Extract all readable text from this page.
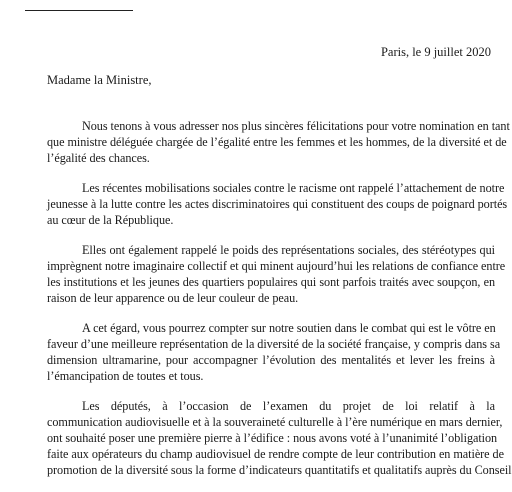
Paris, le 9 juillet 2020
Madame la Ministre,

Nous tenons à vous adresser nos plus sincères félicitations pour votre nomination en tant
que ministre déléguée chargée de l’égalité entre les femmes et les hommes, de la diversité et de
l’égalité des chances.

Les récentes mobilisations sociales contre le racisme ont rappelé l’attachement de notre
jeunesse à la lutte contre les actes discriminatoires qui constituent des coups de poignard portés
au cœur de la République.

Elles ont également rappelé le poids des représentations sociales, des stéréotypes qui
imprègnent notre imaginaire collectif et qui minent aujourd’hui les relations de confiance entre
les institutions et les jeunes des quartiers populaires qui sont parfois traités avec soupçon, en
raison de leur apparence ou de leur couleur de peau.

A cet égard, vous pourrez compter sur notre soutien dans le combat qui est le vôtre en
faveur d’une meilleure représentation de la diversité de la société française, y compris dans sa
dimension ultramarine, pour accompagner l’évolution des mentalités et lever les freins à
l’émancipation de toutes et tous.

Les députés, à l’occasion de l’examen du projet de loi relatif à la
communication audiovisuelle et à la souveraineté culturelle à l’ère numérique en mars dernier,
ont souhaité poser une première pierre à l’édifice : nous avons voté à l’unanimité l’obligation
faite aux opérateurs du champ audiovisuel de rendre compte de leur contribution en matière de
promotion de la diversité sous la forme d’indicateurs quantitatifs et qualitatifs auprès du Conseil
